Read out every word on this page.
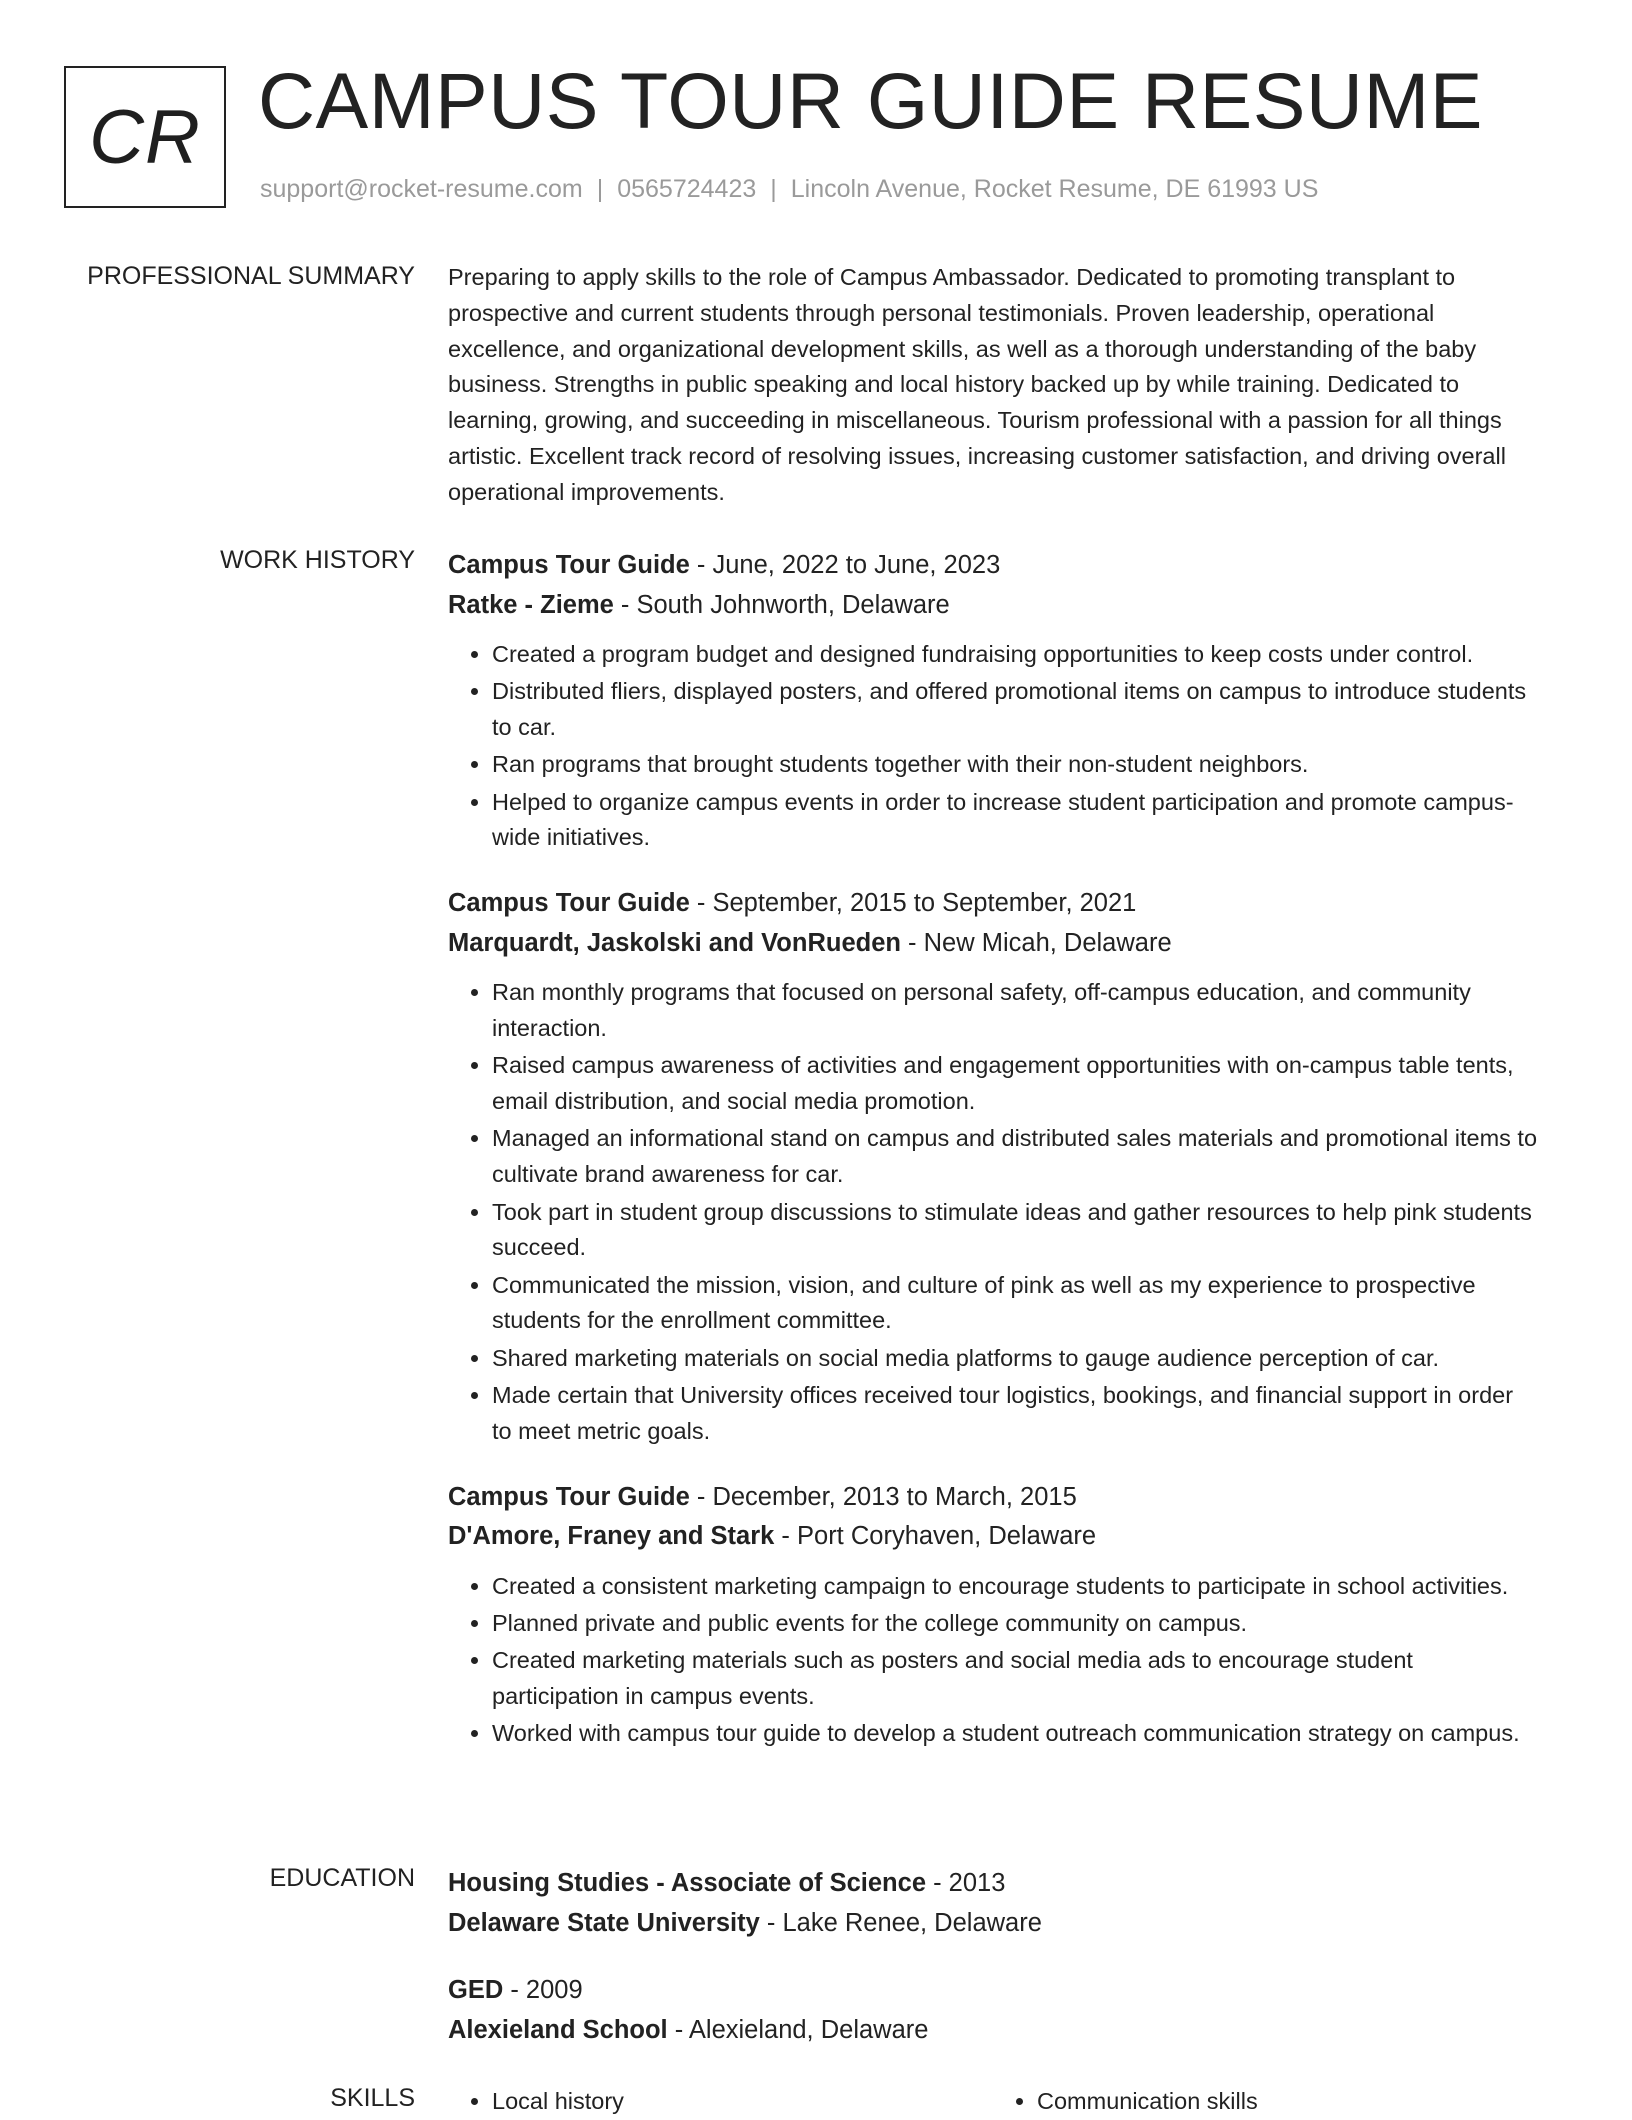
CR CAMPUS TOUR GUIDE RESUME
support@rocket-resume.com | 0565724423 | Lincoln Avenue, Rocket Resume, DE 61993 US
PROFESSIONAL SUMMARY Preparing to apply skills to the role of Campus Ambassador. Dedicated to promoting transplant to prospective and current students through personal testimonials. Proven leadership, operational excellence, and organizational development skills, as well as a thorough understanding of the baby business. Strengths in public speaking and local history backed up by while training. Dedicated to learning, growing, and succeeding in miscellaneous. Tourism professional with a passion for all things artistic. Excellent track record of resolving issues, increasing customer satisfaction, and driving overall operational improvements.

WORK HISTORY Campus Tour Guide - June, 2022 to June, 2023
Ratke - Zieme - South Johnworth, Delaware
• Created a program budget and designed fundraising opportunities to keep costs under control.
• Distributed fliers, displayed posters, and offered promotional items on campus to introduce students to car.
• Ran programs that brought students together with their non-student neighbors.
• Helped to organize campus events in order to increase student participation and promote campus-wide initiatives.
Campus Tour Guide - September, 2015 to September, 2021
Marquardt, Jaskolski and VonRueden - New Micah, Delaware
• Ran monthly programs that focused on personal safety, off-campus education, and community interaction.
• Raised campus awareness of activities and engagement opportunities with on-campus table tents, email distribution, and social media promotion.
• Managed an informational stand on campus and distributed sales materials and promotional items to cultivate brand awareness for car.
• Took part in student group discussions to stimulate ideas and gather resources to help pink students succeed.
• Communicated the mission, vision, and culture of pink as well as my experience to prospective students for the enrollment committee.
• Shared marketing materials on social media platforms to gauge audience perception of car.
• Made certain that University offices received tour logistics, bookings, and financial support in order to meet metric goals.
Campus Tour Guide - December, 2013 to March, 2015
D'Amore, Franey and Stark - Port Coryhaven, Delaware
• Created a consistent marketing campaign to encourage students to participate in school activities.
• Planned private and public events for the college community on campus.
• Created marketing materials such as posters and social media ads to encourage student participation in campus events.
• Worked with campus tour guide to develop a student outreach communication strategy on campus.
EDUCATION Housing Studies - Associate of Science - 2013
Delaware State University - Lake Renee, Delaware
GED - 2009
Alexieland School - Alexieland, Delaware
SKILLS	• Local history	• Communication skills
